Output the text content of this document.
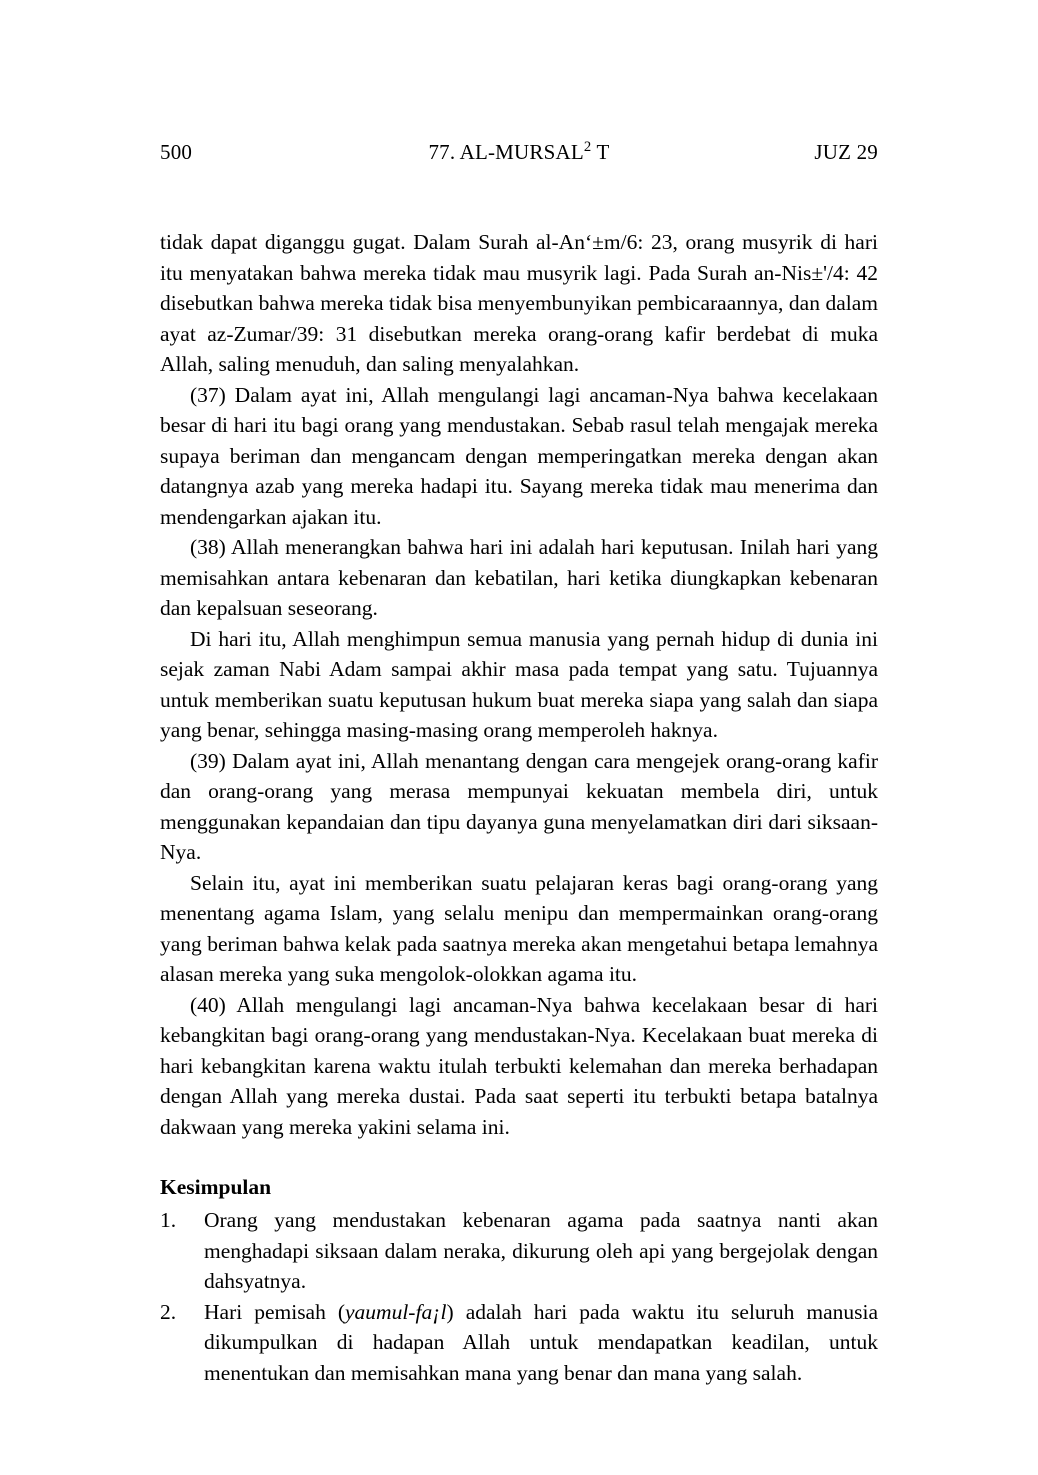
500	77. AL-MURSAL$^2$ T	JUZ 29

tidak dapat diganggu gugat. Dalam Surah al-An‘±m/6: 23, orang musyrik di hari itu menyatakan bahwa mereka tidak mau musyrik lagi. Pada Surah an-Nis±'/4: 42 disebutkan bahwa mereka tidak bisa menyembunyikan pembicaraannya, dan dalam ayat az-Zumar/39: 31 disebutkan mereka orang-orang kafir berdebat di muka Allah, saling menuduh, dan saling menyalahkan.

(37) Dalam ayat ini, Allah mengulangi lagi ancaman-Nya bahwa kecelakaan besar di hari itu bagi orang yang mendustakan. Sebab rasul telah mengajak mereka supaya beriman dan mengancam dengan memperingatkan mereka dengan akan datangnya azab yang mereka hadapi itu. Sayang mereka tidak mau menerima dan mendengarkan ajakan itu.

(38) Allah menerangkan bahwa hari ini adalah hari keputusan. Inilah hari yang memisahkan antara kebenaran dan kebatilan, hari ketika diungkapkan kebenaran dan kepalsuan seseorang.

Di hari itu, Allah menghimpun semua manusia yang pernah hidup di dunia ini sejak zaman Nabi Adam sampai akhir masa pada tempat yang satu. Tujuannya untuk memberikan suatu keputusan hukum buat mereka siapa yang salah dan siapa yang benar, sehingga masing-masing orang memperoleh haknya.

(39) Dalam ayat ini, Allah menantang dengan cara mengejek orang-orang kafir dan orang-orang yang merasa mempunyai kekuatan membela diri, untuk menggunakan kepandaian dan tipu dayanya guna menyelamatkan diri dari siksaan-Nya.

Selain itu, ayat ini memberikan suatu pelajaran keras bagi orang-orang yang menentang agama Islam, yang selalu menipu dan mempermainkan orang-orang yang beriman bahwa kelak pada saatnya mereka akan mengetahui betapa lemahnya alasan mereka yang suka mengolok-olokkan agama itu.

(40) Allah mengulangi lagi ancaman-Nya bahwa kecelakaan besar di hari kebangkitan bagi orang-orang yang mendustakan-Nya. Kecelakaan buat mereka di hari kebangkitan karena waktu itulah terbukti kelemahan dan mereka berhadapan dengan Allah yang mereka dustai. Pada saat seperti itu terbukti betapa batalnya dakwaan yang mereka yakini selama ini.

Kesimpulan
1.	Orang yang mendustakan kebenaran agama pada saatnya nanti akan menghadapi siksaan dalam neraka, dikurung oleh api yang bergejolak dengan dahsyatnya.
2.	Hari pemisah (yaumul-fa¡l) adalah hari pada waktu itu seluruh manusia dikumpulkan di hadapan Allah untuk mendapatkan keadilan, untuk menentukan dan memisahkan mana yang benar dan mana yang salah.
